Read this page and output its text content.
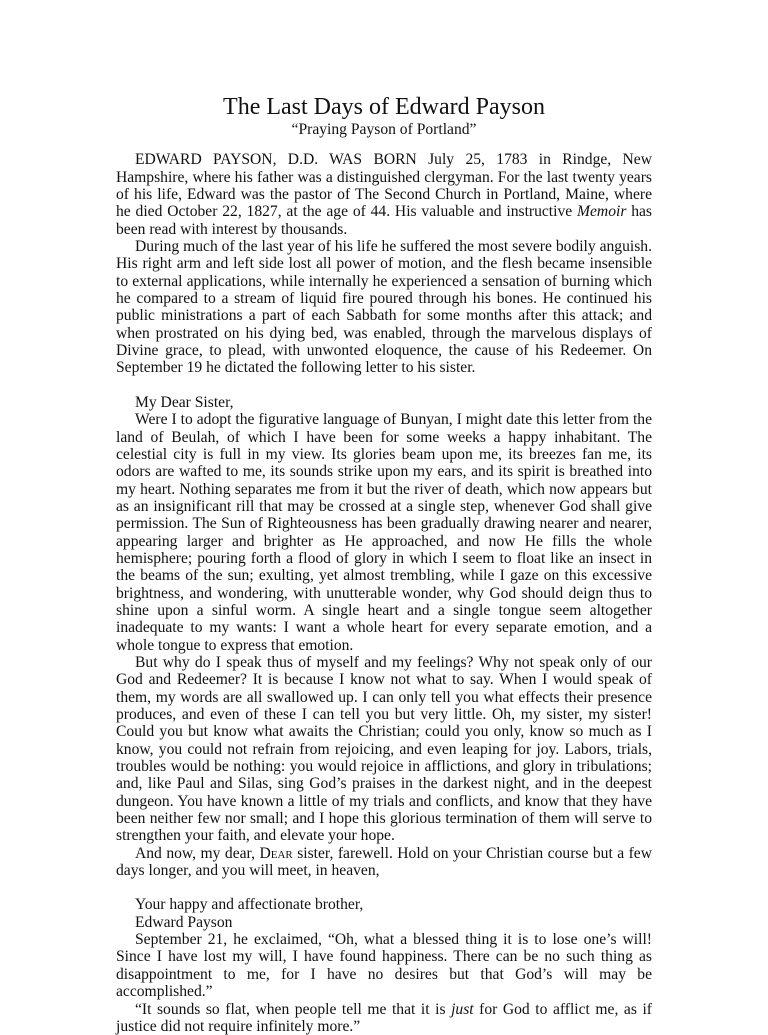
The Last Days of Edward Payson
“Praying Payson of Portland”

EDWARD PAYSON, D.D. WAS BORN July 25, 1783 in Rindge, New Hampshire, where his father was a distinguished clergyman. For the last twenty years of his life, Edward was the pastor of The Second Church in Portland, Maine, where he died October 22, 1827, at the age of 44. His valuable and instructive Memoir has been read with interest by thousands.

During much of the last year of his life he suffered the most severe bodily anguish. His right arm and left side lost all power of motion, and the flesh became insensible to external applications, while internally he experienced a sensation of burning which he compared to a stream of liquid fire poured through his bones. He continued his public ministrations a part of each Sabbath for some months after this attack; and when prostrated on his dying bed, was enabled, through the marvelous displays of Divine grace, to plead, with unwonted eloquence, the cause of his Redeemer. On September 19 he dictated the following letter to his sister.

My Dear Sister,

Were I to adopt the figurative language of Bunyan, I might date this letter from the land of Beulah, of which I have been for some weeks a happy inhabitant. The celestial city is full in my view. Its glories beam upon me, its breezes fan me, its odors are wafted to me, its sounds strike upon my ears, and its spirit is breathed into my heart. Nothing separates me from it but the river of death, which now appears but as an insignificant rill that may be crossed at a single step, whenever God shall give permission. The Sun of Righteousness has been gradually drawing nearer and nearer, appearing larger and brighter as He approached, and now He fills the whole hemisphere; pouring forth a flood of glory in which I seem to float like an insect in the beams of the sun; exulting, yet almost trembling, while I gaze on this excessive brightness, and wondering, with unutterable wonder, why God should deign thus to shine upon a sinful worm. A single heart and a single tongue seem altogether inadequate to my wants: I want a whole heart for every separate emotion, and a whole tongue to express that emotion.

But why do I speak thus of myself and my feelings? Why not speak only of our God and Redeemer? It is because I know not what to say. When I would speak of them, my words are all swallowed up. I can only tell you what effects their presence produces, and even of these I can tell you but very little. Oh, my sister, my sister! Could you but know what awaits the Christian; could you only, know so much as I know, you could not refrain from rejoicing, and even leaping for joy. Labors, trials, troubles would be nothing: you would rejoice in afflictions, and glory in tribulations; and, like Paul and Silas, sing God’s praises in the darkest night, and in the deepest dungeon. You have known a little of my trials and conflicts, and know that they have been neither few nor small; and I hope this glorious termination of them will serve to strengthen your faith, and elevate your hope.

And now, my dear, Dear sister, farewell. Hold on your Christian course but a few days longer, and you will meet, in heaven,

Your happy and affectionate brother,

Edward Payson

September 21, he exclaimed, “Oh, what a blessed thing it is to lose one’s will! Since I have lost my will, I have found happiness. There can be no such thing as disappointment to me, for I have no desires but that God’s will may be accomplished.”

“It sounds so flat, when people tell me that it is just for God to afflict me, as if justice did not require infinitely more.”
